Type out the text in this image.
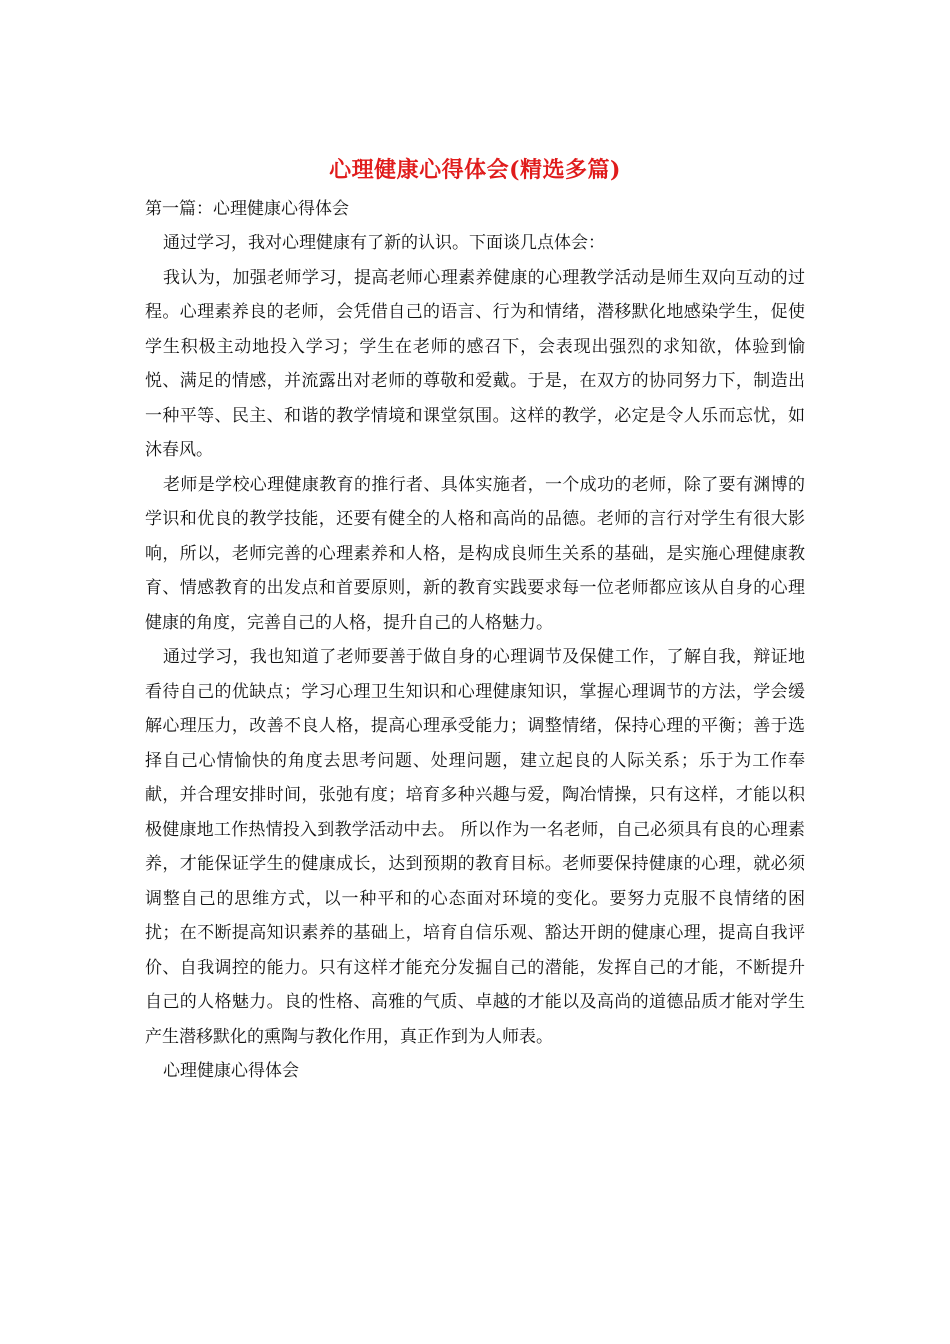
心理健康心得体会(精选多篇)

第一篇：心理健康心得体会

通过学习，我对心理健康有了新的认识。下面谈几点体会：

我认为，加强老师学习，提高老师心理素养健康的心理教学活动是师生双向互动的过程。心理素养良的老师，会凭借自己的语言、行为和情绪，潜移默化地感染学生，促使学生积极主动地投入学习；学生在老师的感召下，会表现出强烈的求知欲，体验到愉悦、满足的情感，并流露出对老师的尊敬和爱戴。于是，在双方的协同努力下，制造出一种平等、民主、和谐的教学情境和课堂氛围。这样的教学，必定是令人乐而忘忧，如沐春风。

老师是学校心理健康教育的推行者、具体实施者，一个成功的老师，除了要有渊博的学识和优良的教学技能，还要有健全的人格和高尚的品德。老师的言行对学生有很大影响，所以，老师完善的心理素养和人格，是构成良师生关系的基础，是实施心理健康教育、情感教育的出发点和首要原则，新的教育实践要求每一位老师都应该从自身的心理健康的角度，完善自己的人格，提升自己的人格魅力。

通过学习，我也知道了老师要善于做自身的心理调节及保健工作，了解自我，辩证地看待自己的优缺点；学习心理卫生知识和心理健康知识，掌握心理调节的方法，学会缓解心理压力，改善不良人格，提高心理承受能力；调整情绪，保持心理的平衡；善于选择自己心情愉快的角度去思考问题、处理问题，建立起良的人际关系；乐于为工作奉献，并合理安排时间，张弛有度；培育多种兴趣与爱，陶冶情操，只有这样，才能以积极健康地工作热情投入到教学活动中去。 所以作为一名老师，自己必须具有良的心理素养，才能保证学生的健康成长，达到预期的教育目标。老师要保持健康的心理，就必须调整自己的思维方式，以一种平和的心态面对环境的变化。要努力克服不良情绪的困扰；在不断提高知识素养的基础上，培育自信乐观、豁达开朗的健康心理，提高自我评价、自我调控的能力。只有这样才能充分发掘自己的潜能，发挥自己的才能，不断提升自己的人格魅力。良的性格、高雅的气质、卓越的才能以及高尚的道德品质才能对学生产生潜移默化的熏陶与教化作用，真正作到为人师表。

心理健康心得体会
